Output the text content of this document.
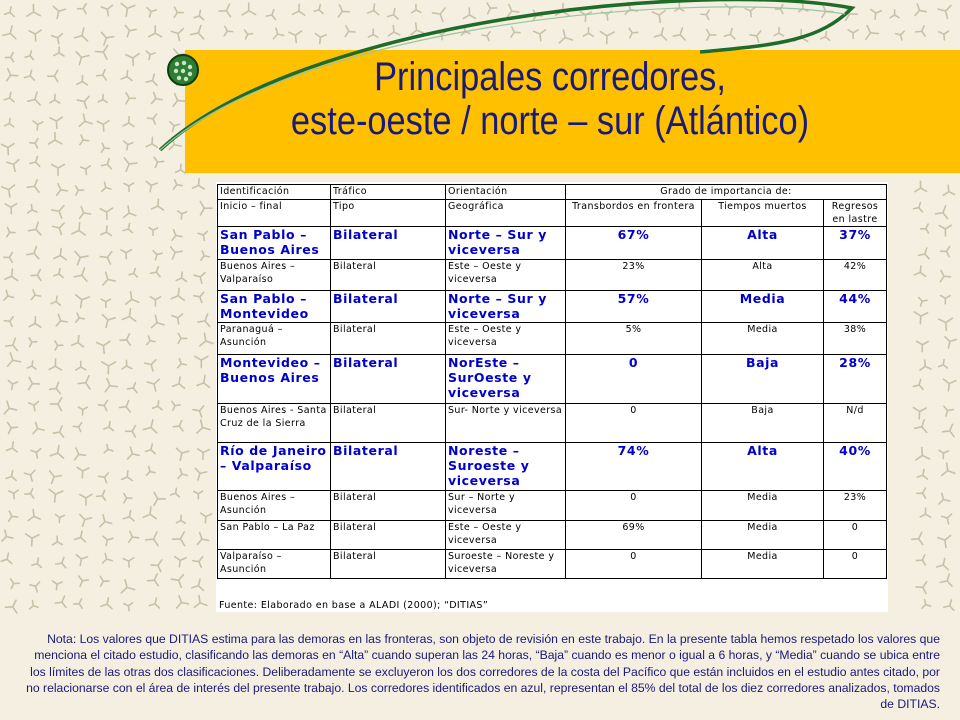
Principales corredores,
este-oeste / norte – sur (Atlántico)
Identificación	Tráfico	Orientación	Grado de importancia de:		
Inicio – final	Tipo	Geográfica	Transbordos en frontera	Tiempos muertos	Regresos en lastre
San Pablo – Buenos Aires	Bilateral	Norte – Sur y viceversa	67%	Alta	37%
Buenos Aires – Valparaíso	Bilateral	Este – Oeste y viceversa	23%	Alta	42%
San Pablo – Montevideo	Bilateral	Norte – Sur y viceversa	57%	Media	44%
Paranaguá – Asunción	Bilateral	Este – Oeste y viceversa	5%	Media	38%
Montevideo – Buenos Aires	Bilateral	NorEste – SurOeste y viceversa	0	Baja	28%
Buenos Aires - Santa Cruz de la Sierra	Bilateral	Sur- Norte y viceversa	0	Baja	N/d
Río de Janeiro – Valparaíso	Bilateral	Noreste – Suroeste y viceversa	74%	Alta	40%
Buenos Aires – Asunción	Bilateral	Sur – Norte y viceversa	0	Media	23%
San Pablo – La Paz	Bilateral	Este – Oeste y viceversa	69%	Media	0
Valparaíso – Asunción	Bilateral	Suroeste – Noreste y viceversa	0	Media	0
Fuente: Elaborado en base a ALADI (2000); “DITIAS”
Nota: Los valores que DITIAS estima para las demoras en las fronteras, son objeto de revisión en este trabajo. En la presente tabla hemos respetado los valores que menciona el citado estudio, clasificando las demoras en “Alta” cuando superan las 24 horas, “Baja” cuando es menor o igual a 6 horas, y “Media” cuando se ubica entre los límites de las otras dos clasificaciones. Deliberadamente se excluyeron los dos corredores de la costa del Pacífico que están incluidos en el estudio antes citado, por no relacionarse con el área de interés del presente trabajo. Los corredores identificados en azul, representan el 85% del total de los diez corredores analizados, tomados de DITIAS.
